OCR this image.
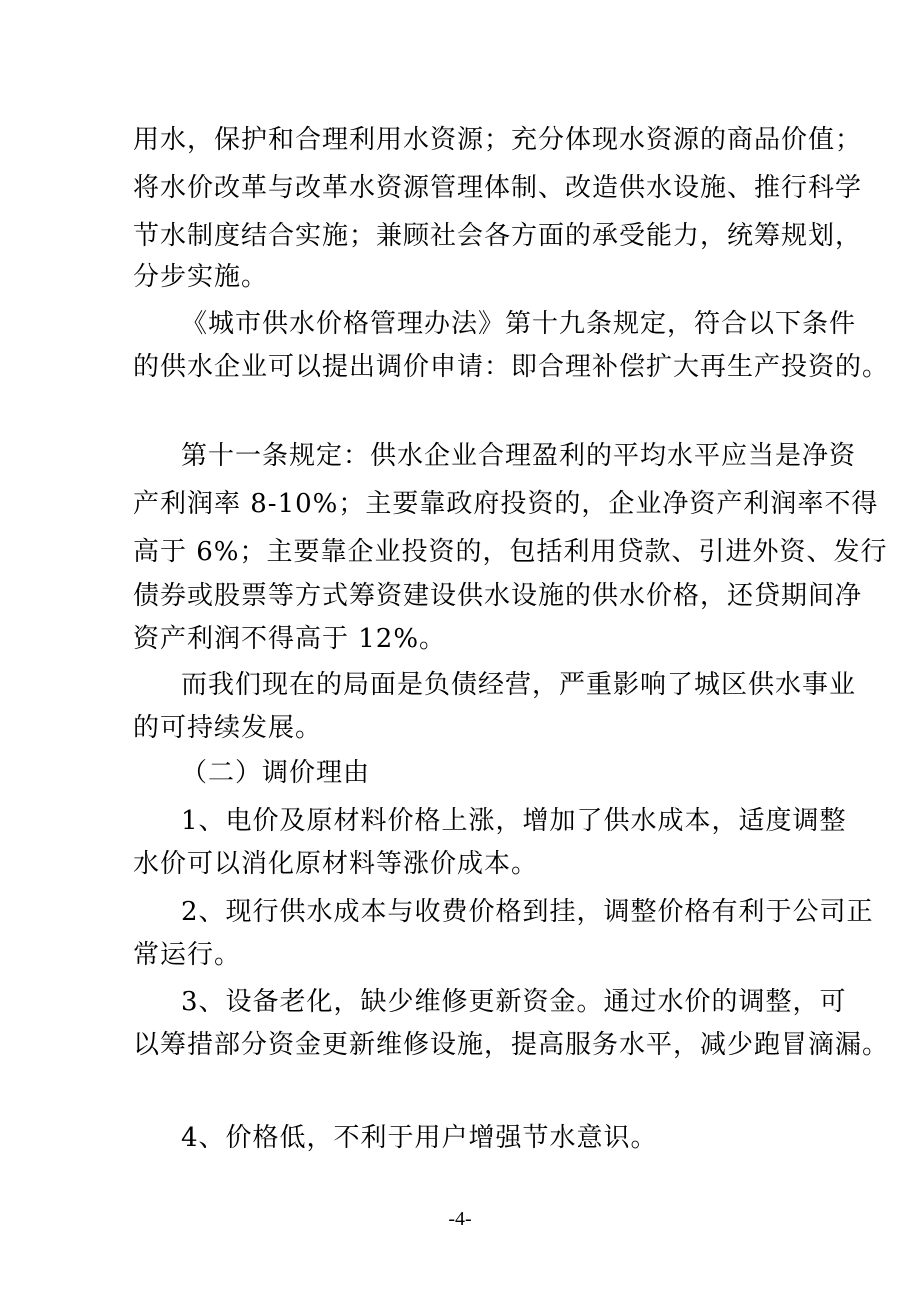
用水，保护和合理利用水资源；充分体现水资源的商品价值；
将水价改革与改革水资源管理体制、改造供水设施、推行科学
节水制度结合实施；兼顾社会各方面的承受能力，统筹规划，
分步实施。
《城市供水价格管理办法》第十九条规定，符合以下条件
的供水企业可以提出调价申请：即合理补偿扩大再生产投资的。
第十一条规定：供水企业合理盈利的平均水平应当是净资
产利润率 8-10%；主要靠政府投资的，企业净资产利润率不得
高于 6%；主要靠企业投资的，包括利用贷款、引进外资、发行
债券或股票等方式筹资建设供水设施的供水价格，还贷期间净
资产利润不得高于 12%。
而我们现在的局面是负债经营，严重影响了城区供水事业
的可持续发展。
（二）调价理由
1、电价及原材料价格上涨，增加了供水成本，适度调整
水价可以消化原材料等涨价成本。
2、现行供水成本与收费价格到挂，调整价格有利于公司正
常运行。
3、设备老化，缺少维修更新资金。通过水价的调整，可
以筹措部分资金更新维修设施，提高服务水平，减少跑冒滴漏。
4、价格低，不利于用户增强节水意识。
-4-
